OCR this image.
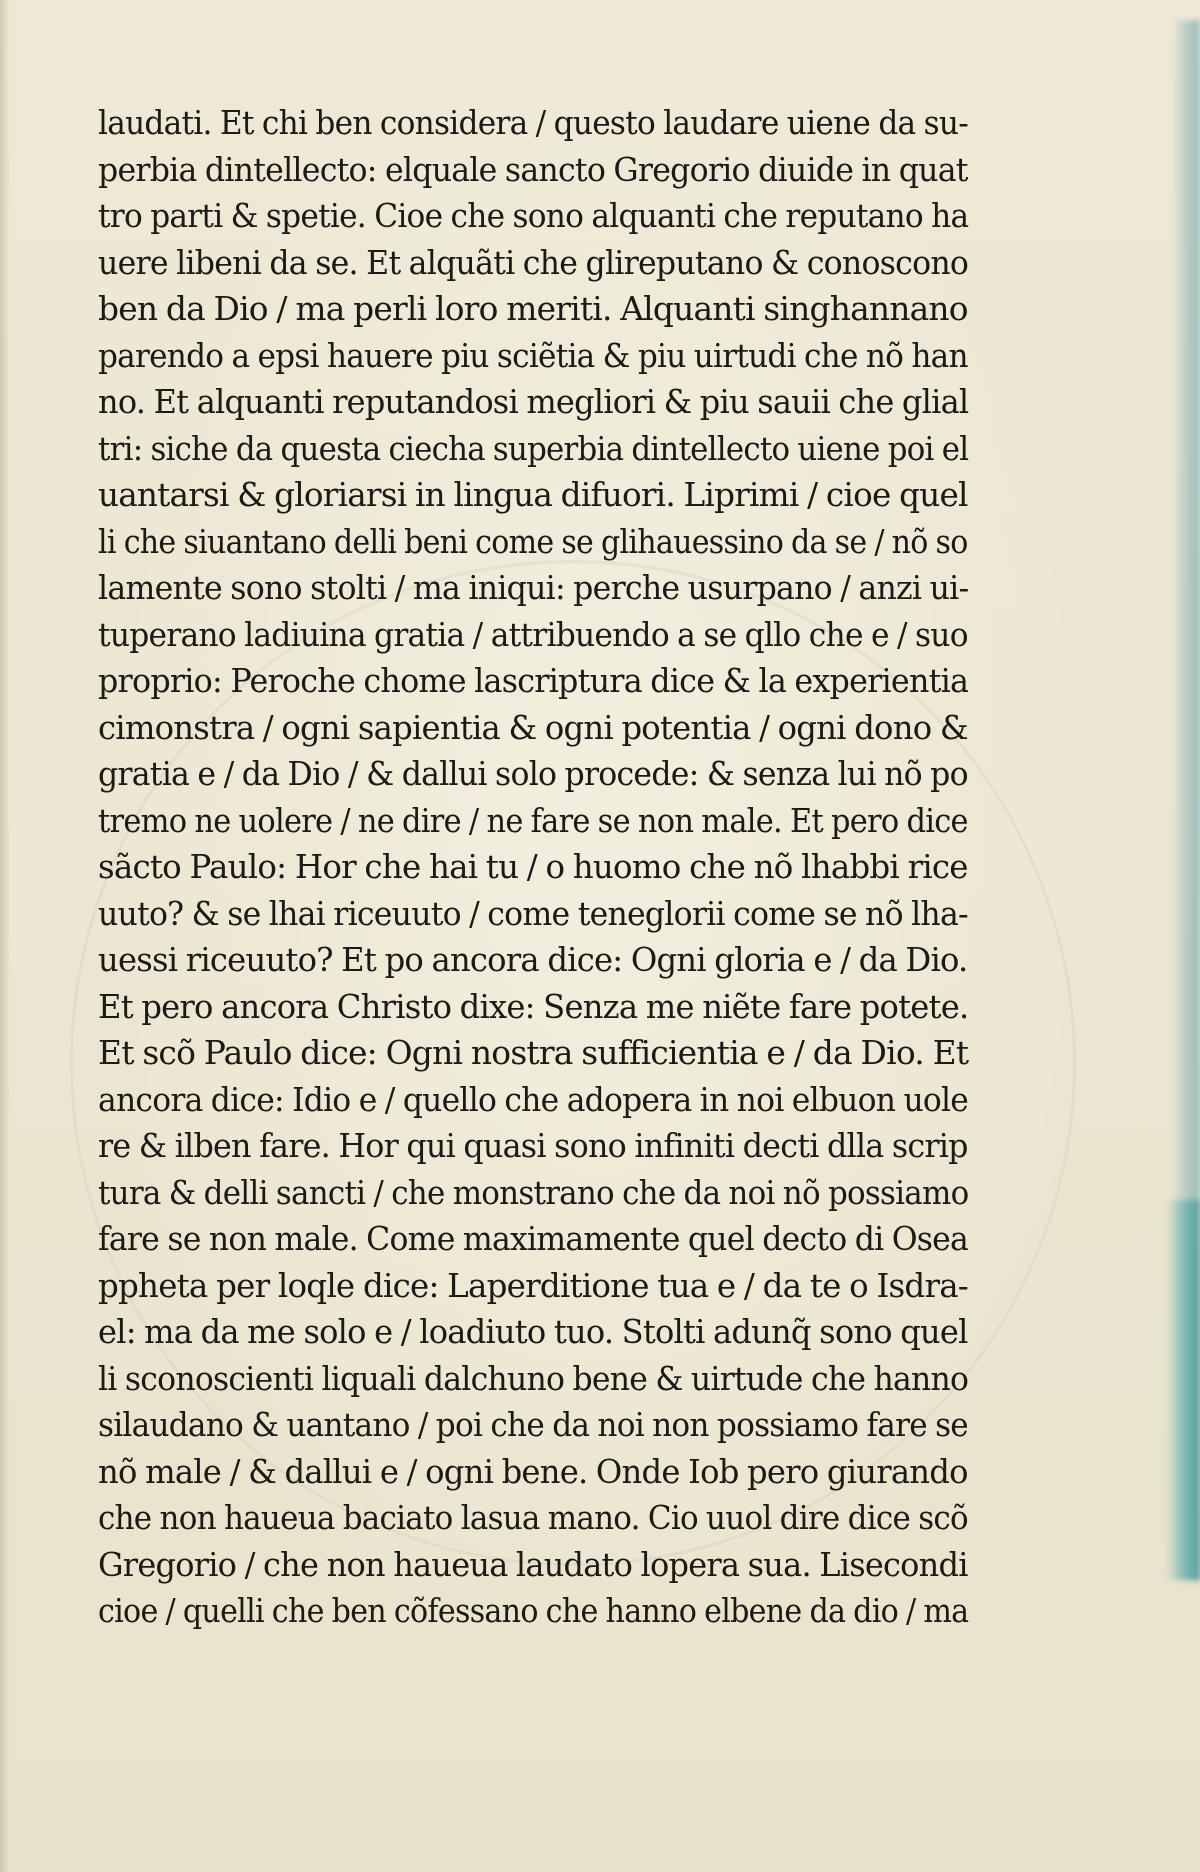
laudati. Et chi ben considera / questo laudare uiene da su-
perbia dintellecto: elquale sancto Gregorio diuide in quat
tro parti & spetie. Cioe che sono alquanti che reputano ha
uere libeni da se. Et alquãti che glireputano & conoscono
ben da Dio / ma perli loro meriti. Alquanti singhannano
parendo a epsi hauere piu sciẽtia & piu uirtudi che nõ han
no. Et alquanti reputandosi megliori & piu sauii che glial
tri: siche da questa ciecha superbia dintellecto uiene poi el
uantarsi & gloriarsi in lingua difuori. Liprimi / cioe quel
li che siuantano delli beni come se glihauessino da se / nõ so
lamente sono stolti / ma iniqui: perche usurpano / anzi ui-
tuperano ladiuina gratia / attribuendo a se qllo che e / suo
proprio: Peroche chome lascriptura dice & la experientia
cimonstra / ogni sapientia & ogni potentia / ogni dono &
gratia e / da Dio / & dallui solo procede: & senza lui nõ po
tremo ne uolere / ne dire / ne fare se non male. Et pero dice
sãcto Paulo: Hor che hai tu / o huomo che nõ lhabbi rice
uuto? & se lhai riceuuto / come teneglorii come se nõ lha-
uessi riceuuto? Et po ancora dice: Ogni gloria e / da Dio.
Et pero ancora Christo dixe: Senza me niẽte fare potete.
Et scõ Paulo dice: Ogni nostra sufficientia e / da Dio. Et
ancora dice: Idio e / quello che adopera in noi elbuon uole
re & ilben fare. Hor qui quasi sono infiniti decti dlla scrip
tura & delli sancti / che monstrano che da noi nõ possiamo
fare se non male. Come maximamente quel decto di Osea
ppheta per loqle dice: Laperditione tua e / da te o Isdra-
el: ma da me solo e / loadiuto tuo. Stolti adunq̃ sono quel
li sconoscienti liquali dalchuno bene & uirtude che hanno
silaudano & uantano / poi che da noi non possiamo fare se
nõ male / & dallui e / ogni bene. Onde Iob pero giurando
che non haueua baciato lasua mano. Cio uuol dire dice scõ
Gregorio / che non haueua laudato lopera sua. Lisecondi
cioe / quelli che ben cõfessano che hanno elbene da dio / ma
